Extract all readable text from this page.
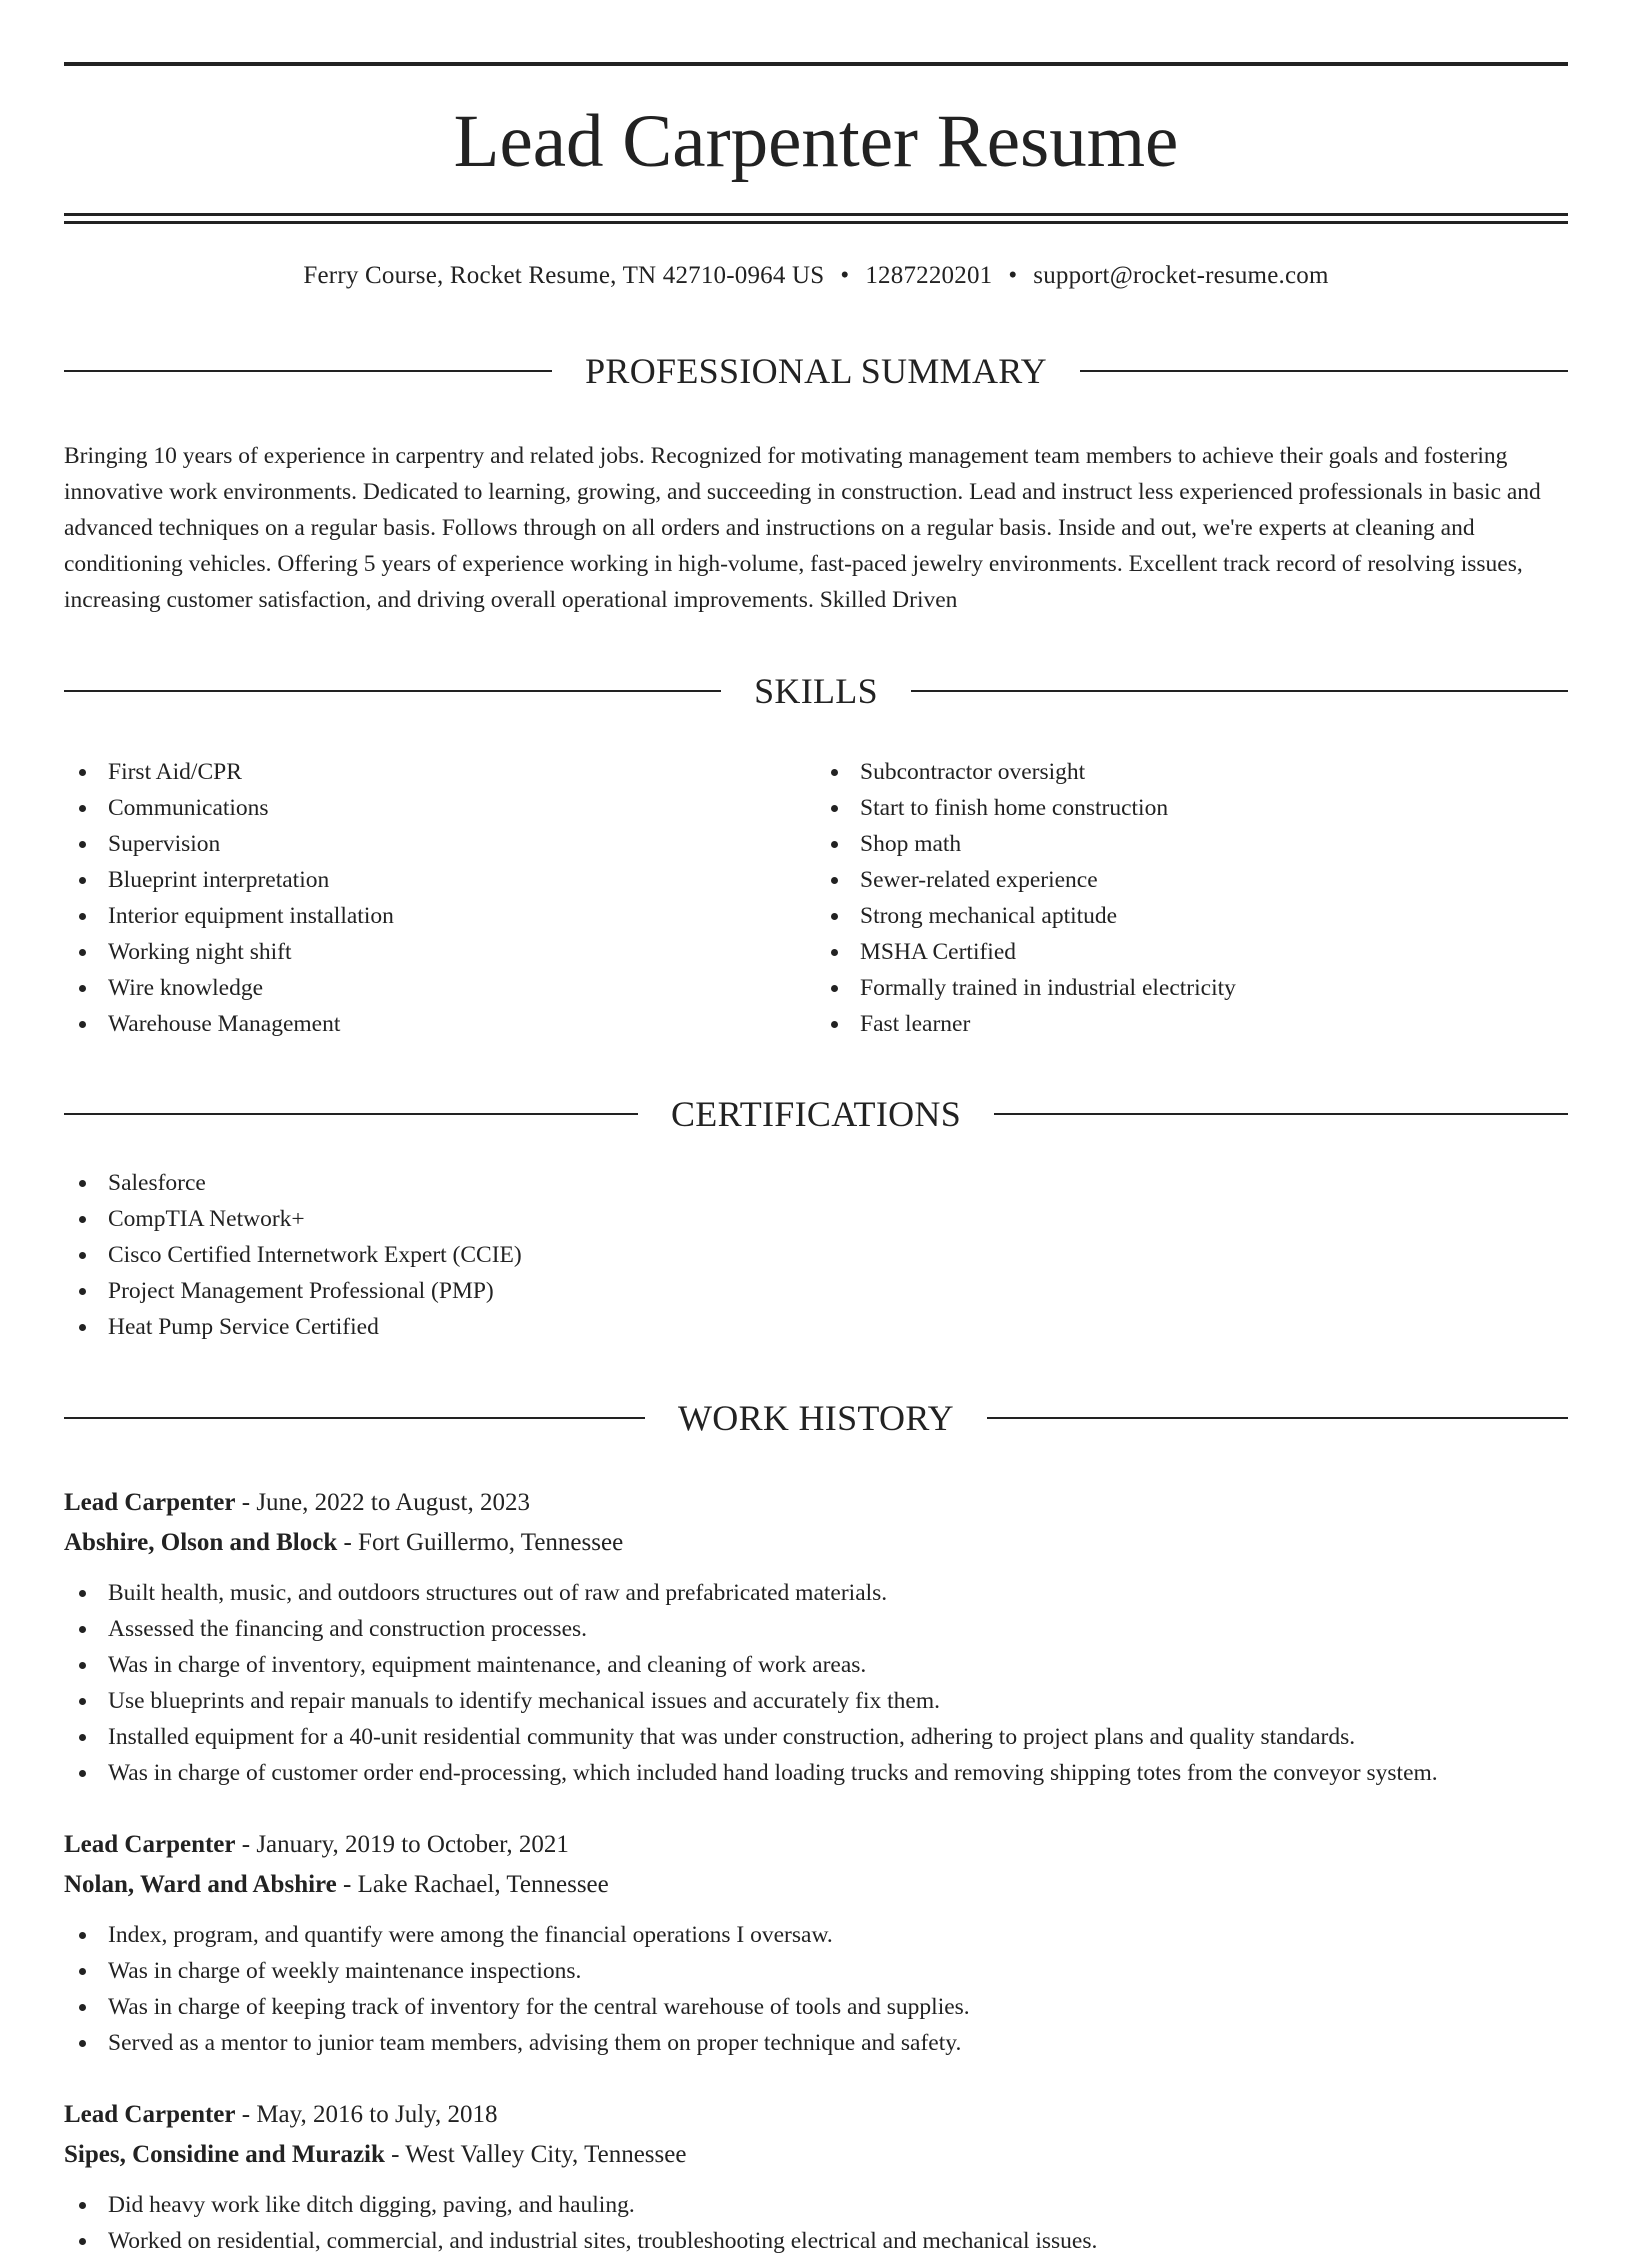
Lead Carpenter Resume
Ferry Course, Rocket Resume, TN 42710-0964 US • 1287220201 • support@rocket-resume.com
PROFESSIONAL SUMMARY

Bringing 10 years of experience in carpentry and related jobs. Recognized for motivating management team members to achieve their goals and fostering innovative work environments. Dedicated to learning, growing, and succeeding in construction. Lead and instruct less experienced professionals in basic and advanced techniques on a regular basis. Follows through on all orders and instructions on a regular basis. Inside and out, we're experts at cleaning and conditioning vehicles. Offering 5 years of experience working in high-volume, fast-paced jewelry environments. Excellent track record of resolving issues, increasing customer satisfaction, and driving overall operational improvements. Skilled Driven

SKILLS
First Aid/CPR
Communications
Supervision
Blueprint interpretation
Interior equipment installation
Working night shift
Wire knowledge
Warehouse Management
Subcontractor oversight
Start to finish home construction
Shop math
Sewer-related experience
Strong mechanical aptitude
MSHA Certified
Formally trained in industrial electricity
Fast learner
CERTIFICATIONS
Salesforce
CompTIA Network+
Cisco Certified Internetwork Expert (CCIE)
Project Management Professional (PMP)
Heat Pump Service Certified
WORK HISTORY
Lead Carpenter - June, 2022 to August, 2023
Abshire, Olson and Block - Fort Guillermo, Tennessee
Built health, music, and outdoors structures out of raw and prefabricated materials.
Assessed the financing and construction processes.
Was in charge of inventory, equipment maintenance, and cleaning of work areas.
Use blueprints and repair manuals to identify mechanical issues and accurately fix them.
Installed equipment for a 40-unit residential community that was under construction, adhering to project plans and quality standards.
Was in charge of customer order end-processing, which included hand loading trucks and removing shipping totes from the conveyor system.
Lead Carpenter - January, 2019 to October, 2021
Nolan, Ward and Abshire - Lake Rachael, Tennessee
Index, program, and quantify were among the financial operations I oversaw.
Was in charge of weekly maintenance inspections.
Was in charge of keeping track of inventory for the central warehouse of tools and supplies.
Served as a mentor to junior team members, advising them on proper technique and safety.
Lead Carpenter - May, 2016 to July, 2018
Sipes, Considine and Murazik - West Valley City, Tennessee
Did heavy work like ditch digging, paving, and hauling.
Worked on residential, commercial, and industrial sites, troubleshooting electrical and mechanical issues.
